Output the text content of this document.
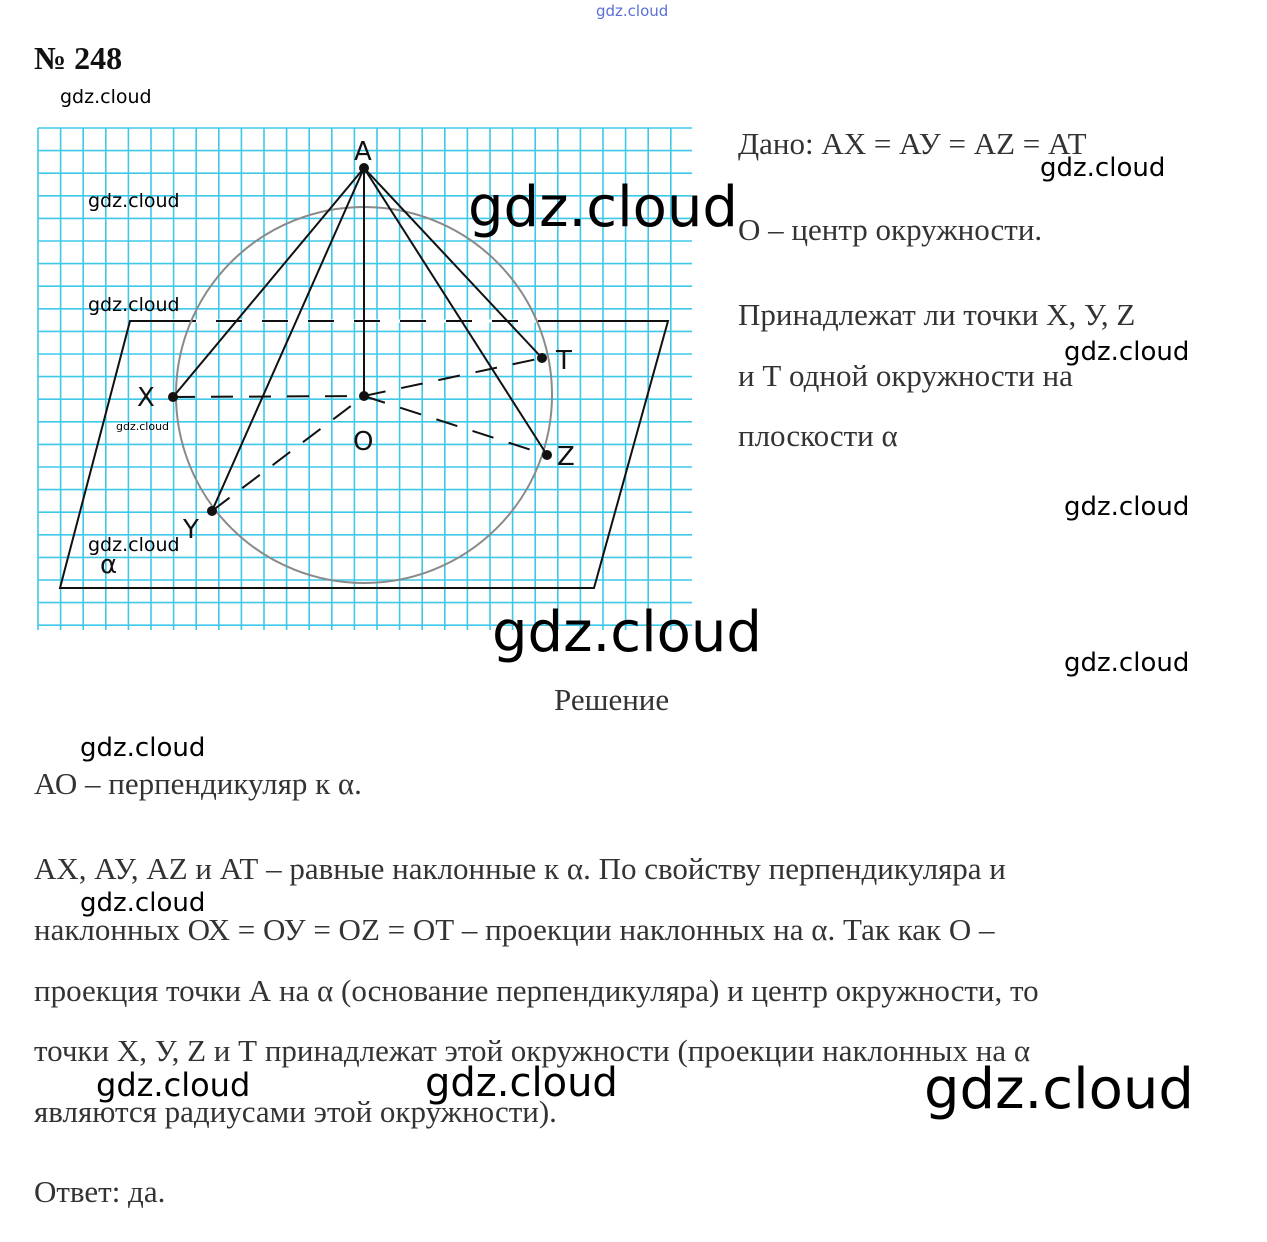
gdz.cloud
№ 248
A
T
X
O	Z
Y
α
Дано: АХ = АУ = AZ = АТ
О – центр окружности.
Принадлежат ли точки X, У, Z
и Т одной окружности на
плоскости α
Решение
АО – перпендикуляр к α.
АХ, АУ, AZ и АТ – равные наклонные к α. По свойству перпендикуляра и
наклонных ОХ = ОУ = OZ = ОТ – проекции наклонных на α. Так как О –
проекция точки А на α (основание перпендикуляра) и центр окружности, то
точки X, У, Z и Т принадлежат этой окружности (проекции наклонных на α
являются радиусами этой окружности).
Ответ: да.
gdz.cloud
gdz.cloud
gdz.cloud
gdz.cloud
gdz.cloud
gdz.cloud
gdz.cloud
gdz.cloud
gdz.cloud
gdz.cloud	gdz.cloud
gdz.cloud
gdz.cloud
gdz.cloud	gdz.cloud	gdz.cloud
